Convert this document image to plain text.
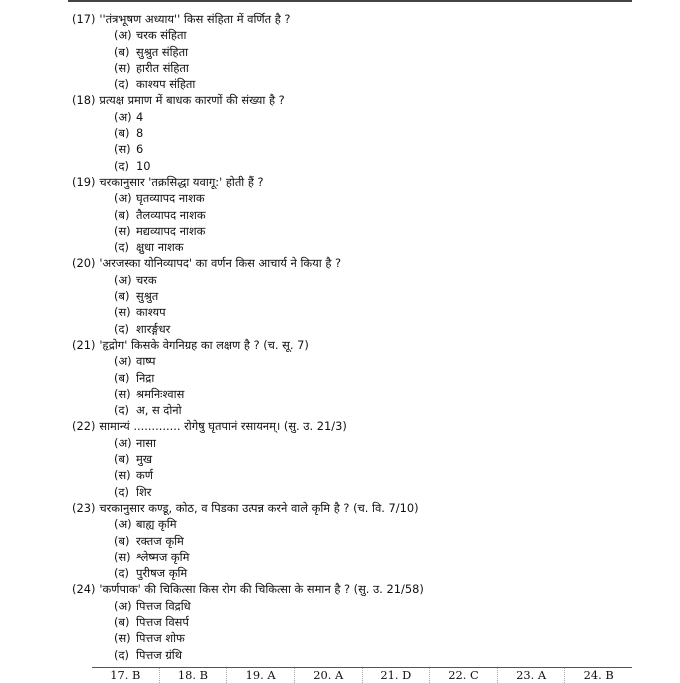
(17) ''तंत्रभूषण अध्याय'' किस संहिता में वर्णित है ?
(अ) चरक संहिता
(ब) सुश्रुत संहिता
(स) हारीत संहिता
(द) काश्यप संहिता
(18) प्रत्यक्ष प्रमाण में बाधक कारणों की संख्या है ?
(अ) 4
(ब) 8
(स) 6
(द) 10
(19) चरकानुसार 'तक्रसिद्धा यवागू:' होती हैं ?
(अ) घृतव्यापद नाशक
(ब) तैलव्यापद नाशक
(स) मद्यव्यापद नाशक
(द) क्षुधा नाशक
(20) 'अरजस्का योनिव्यापद' का वर्णन किस आचार्य ने किया है ?
(अ) चरक
(ब) सुश्रुत
(स) काश्यप
(द) शारर्ङ्गधर
(21) 'हृद्रोग' किसके वेगनिग्रह का लक्षण है ? (च. सू. 7)
(अ) वाष्प
(ब) निद्रा
(स) श्रमनिःश्वास
(द) अ, स दोनो
(22) सामान्यं ............. रोगेषु घृतपानं रसायनम्। (सु. उ. 21/3)
(अ) नासा
(ब) मुख
(स) कर्ण
(द) शिर
(23) चरकानुसार कण्डू, कोठ, व पिडका उत्पन्न करने वाले कृमि है ? (च. वि. 7/10)
(अ) बाह्य कृमि
(ब) रक्तज कृमि
(स) श्लेष्मज कृमि
(द) पुरीषज कृमि
(24) 'कर्णपाक' की चिकित्सा किस रोग की चिकित्सा के समान है ? (सु. उ. 21/58)
(अ) पित्तज विद्रधि
(ब) पित्तज विसर्प
(स) पित्तज शोफ
(द) पित्तज ग्रंथि
17. B	18. B	19. A	20. A	21. D	22. C	23. A	24. B
